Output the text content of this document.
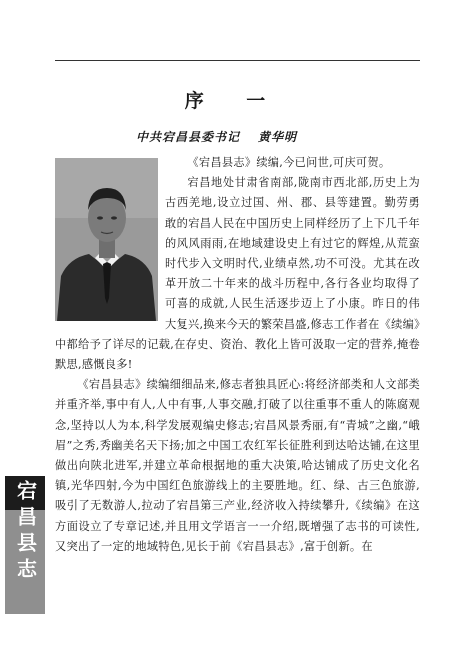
序 一
中共宕昌县委书记 黄华明

《宕昌县志》续编,今已问世,可庆可贺。

宕昌地处甘肃省南部,陇南市西北部,历史上为古西羌地,设立过国、州、郡、县等建置。勤劳勇敢的宕昌人民在中国历史上同样经历了上下几千年的风风雨雨,在地域建设史上有过它的辉煌,从荒蛮时代步入文明时代,业绩卓然,功不可没。尤其在改革开放二十年来的战斗历程中,各行各业均取得了可喜的成就,人民生活逐步迈上了小康。昨日的伟大复兴,换来今天的繁荣昌盛,修志工作者在《续编》中都给予了详尽的记载,在存史、资治、教化上皆可汲取一定的营养,掩卷默思,感慨良多!

《宕昌县志》续编细细品来,修志者独具匠心:将经济部类和人文部类并重齐举,事中有人,人中有事,人事交融,打破了以往重事不重人的陈腐观念,坚持以人为本,科学发展观编史修志;宕昌风景秀丽,有“青城”之幽,“峨眉”之秀,秀幽美名天下扬;加之中国工农红军长征胜利到达哈达铺,在这里做出向陕北进军,并建立革命根据地的重大决策,哈达铺成了历史文化名镇,光华四射,今为中国红色旅游线上的主要胜地。红、绿、古三色旅游,吸引了无数游人,拉动了宕昌第三产业,经济收入持续攀升,《续编》在这方面设立了专章记述,并且用文学语言一一介绍,既增强了志书的可读性,又突出了一定的地域特色,见长于前《宕昌县志》,富于创新。在

宕昌县志
